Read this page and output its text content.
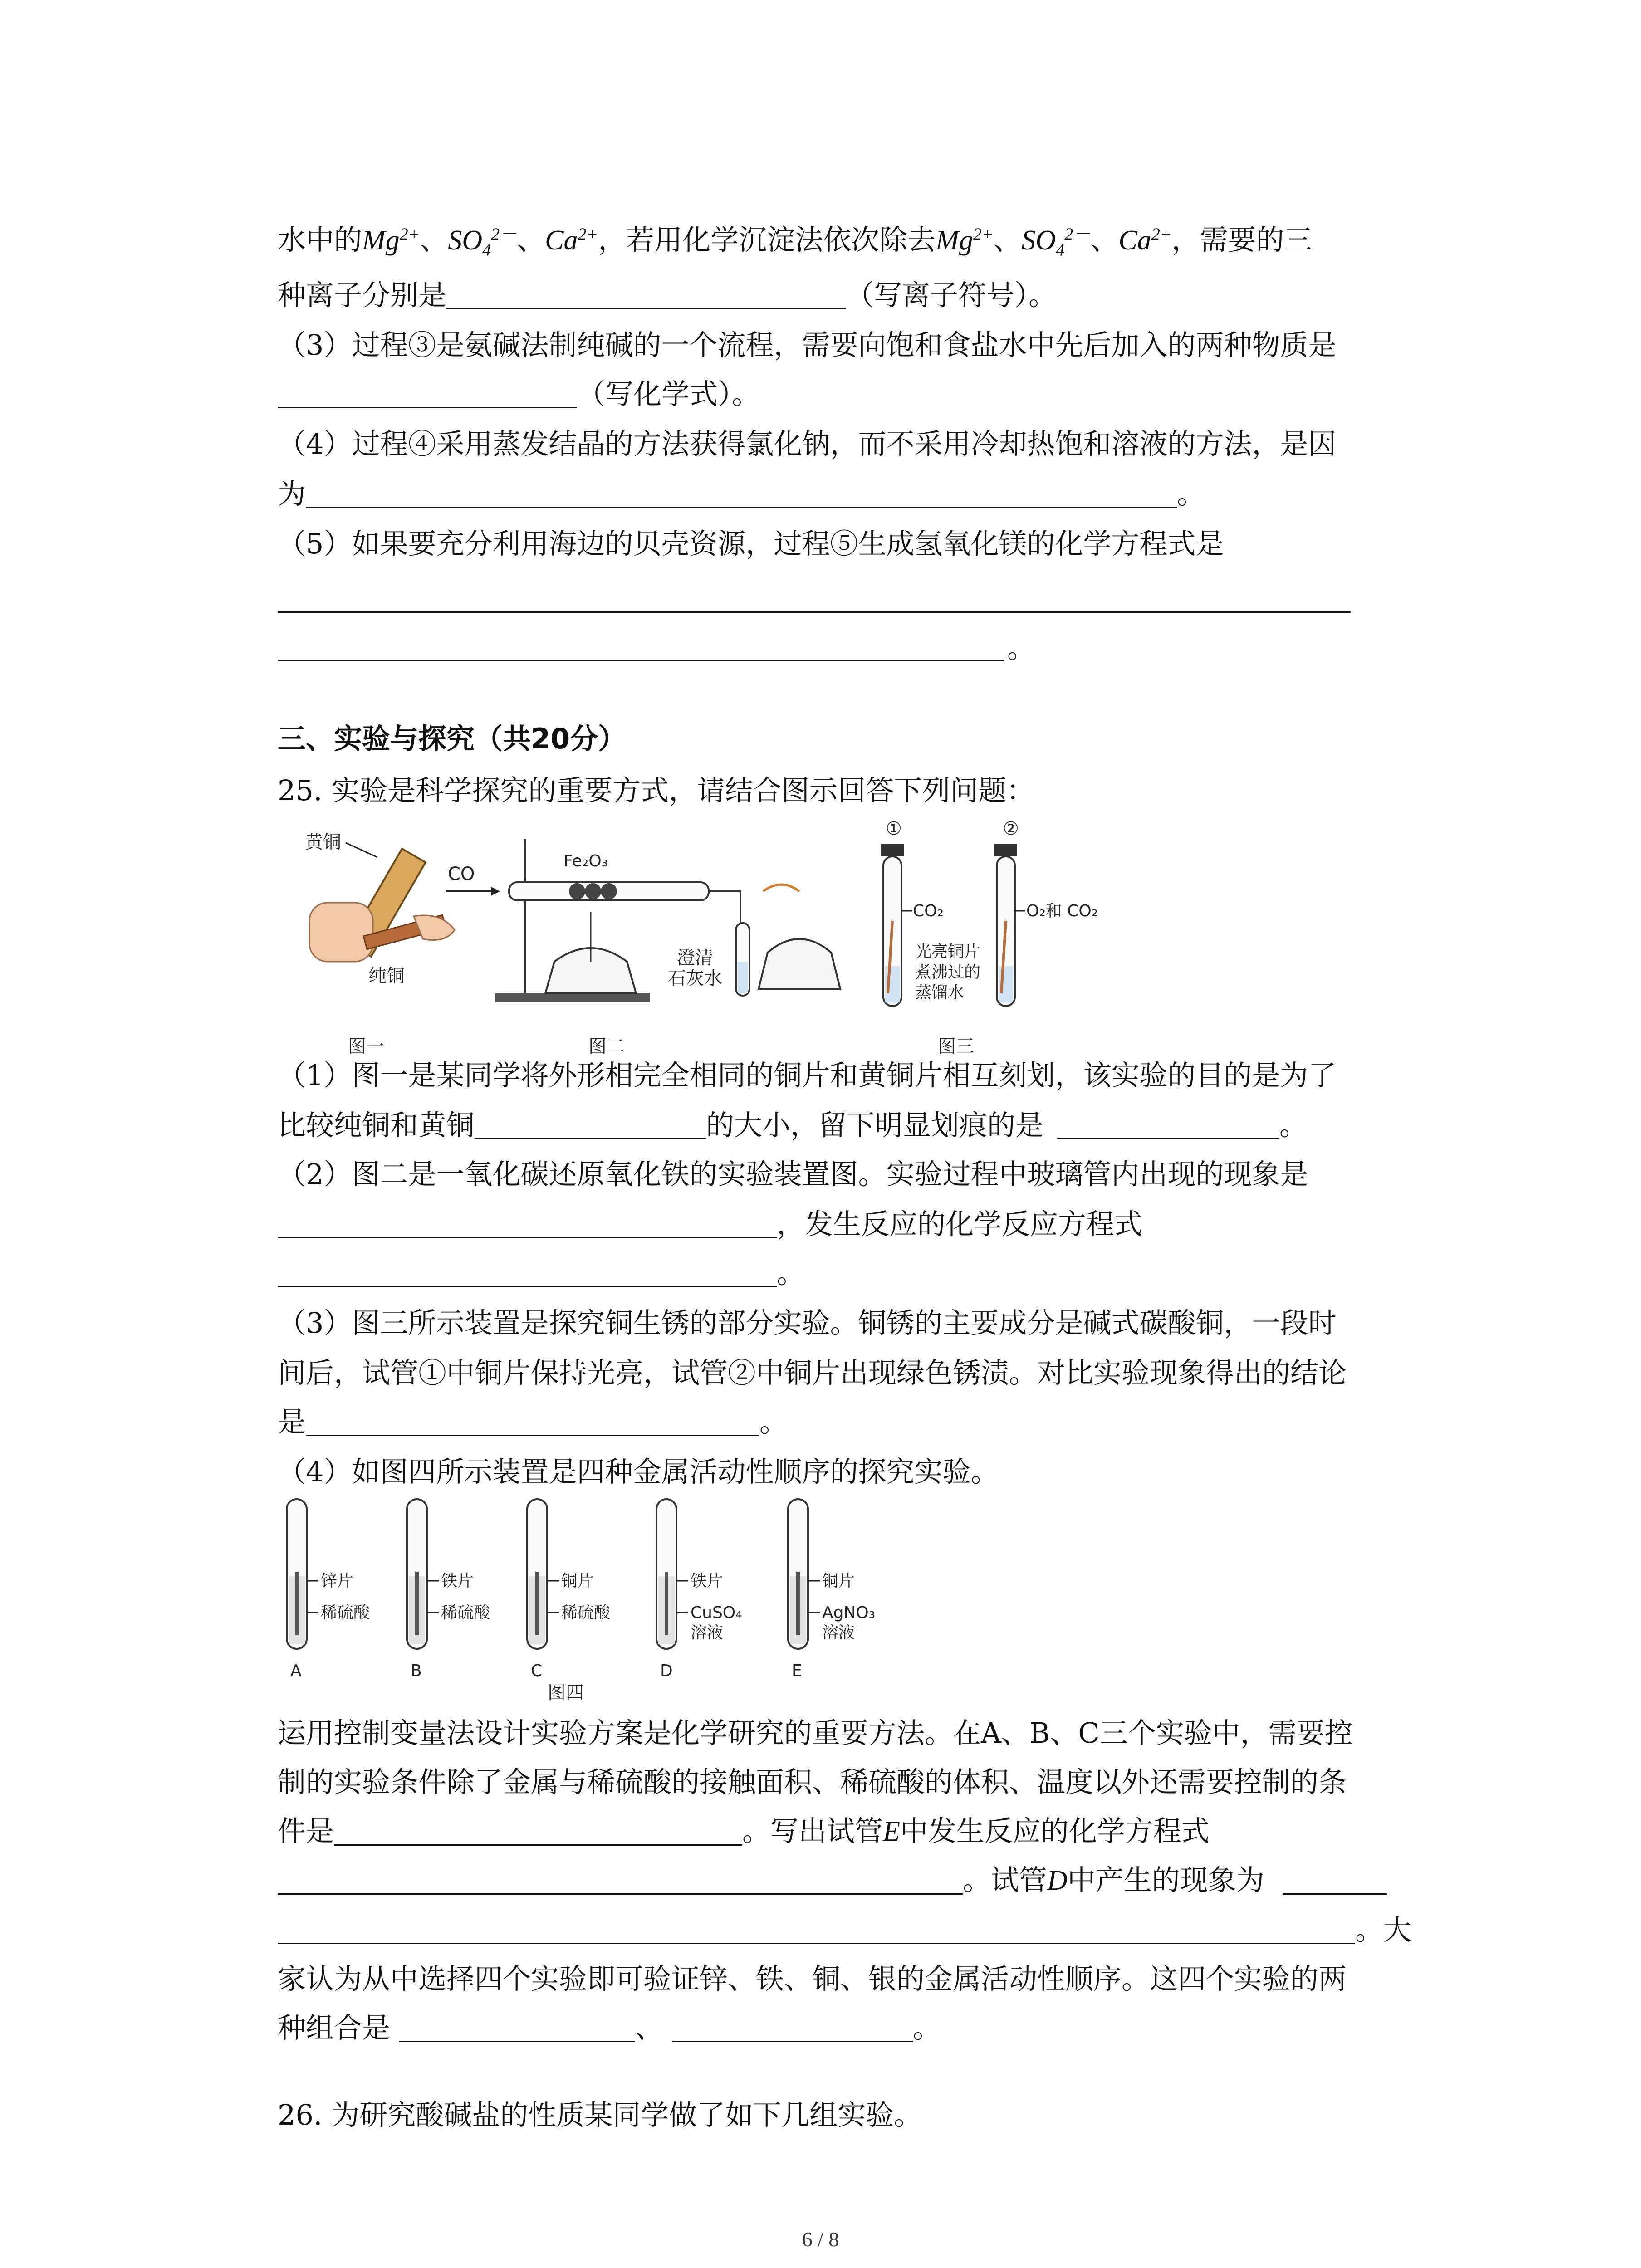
水中的$Mg^{2+}$、$SO_4^{2-}$、$Ca^{2+}$，若用化学沉淀法依次除去$Mg^{2+}$、$SO_4^{2-}$、$Ca^{2+}$，需要的三
种离子分别是	（写离子符号）。
（3）过程③是氨碱法制纯碱的一个流程，需要向饱和食盐水中先后加入的两种物质是
（写化学式）。
（4）过程④采用蒸发结晶的方法获得氯化钠，而不采用冷却热饱和溶液的方法，是因
为	。
（5）如果要充分利用海边的贝壳资源，过程⑤生成氢氧化镁的化学方程式是
。
三、实验与探究（共20分）
25. 实验是科学探究的重要方式，请结合图示回答下列问题：
黄铜
纯铜
图一
CO
Fe₂O₃
澄清
石灰水
图二
①	②
CO₂	O₂和 CO₂
光亮铜片
煮沸过的
蒸馏水
图三
（1）图一是某同学将外形相完全相同的铜片和黄铜片相互刻划，该实验的目的是为了
比较纯铜和黄铜	的大小，留下明显划痕的是	。
（2）图二是一氧化碳还原氧化铁的实验装置图。实验过程中玻璃管内出现的现象是
，发生反应的化学反应方程式
。
（3）图三所示装置是探究铜生锈的部分实验。铜锈的主要成分是碱式碳酸铜，一段时
间后，试管①中铜片保持光亮，试管②中铜片出现绿色锈渍。对比实验现象得出的结论
是	。
（4）如图四所示装置是四种金属活动性顺序的探究实验。
锌片
稀硫酸
A
铁片
稀硫酸
B
铜片
稀硫酸
C
铁片
CuSO₄
溶液
D
铜片
AgNO₃
溶液
E
图四
运用控制变量法设计实验方案是化学研究的重要方法。在A、B、C三个实验中，需要控
制的实验条件除了金属与稀硫酸的接触面积、稀硫酸的体积、温度以外还需要控制的条
件是	。写出试管E中发生反应的化学方程式
。试管D中产生的现象为
。大
家认为从中选择四个实验即可验证锌、铁、铜、银的金属活动性顺序。这四个实验的两
种组合是	、	。
26. 为研究酸碱盐的性质某同学做了如下几组实验。
6 / 8
